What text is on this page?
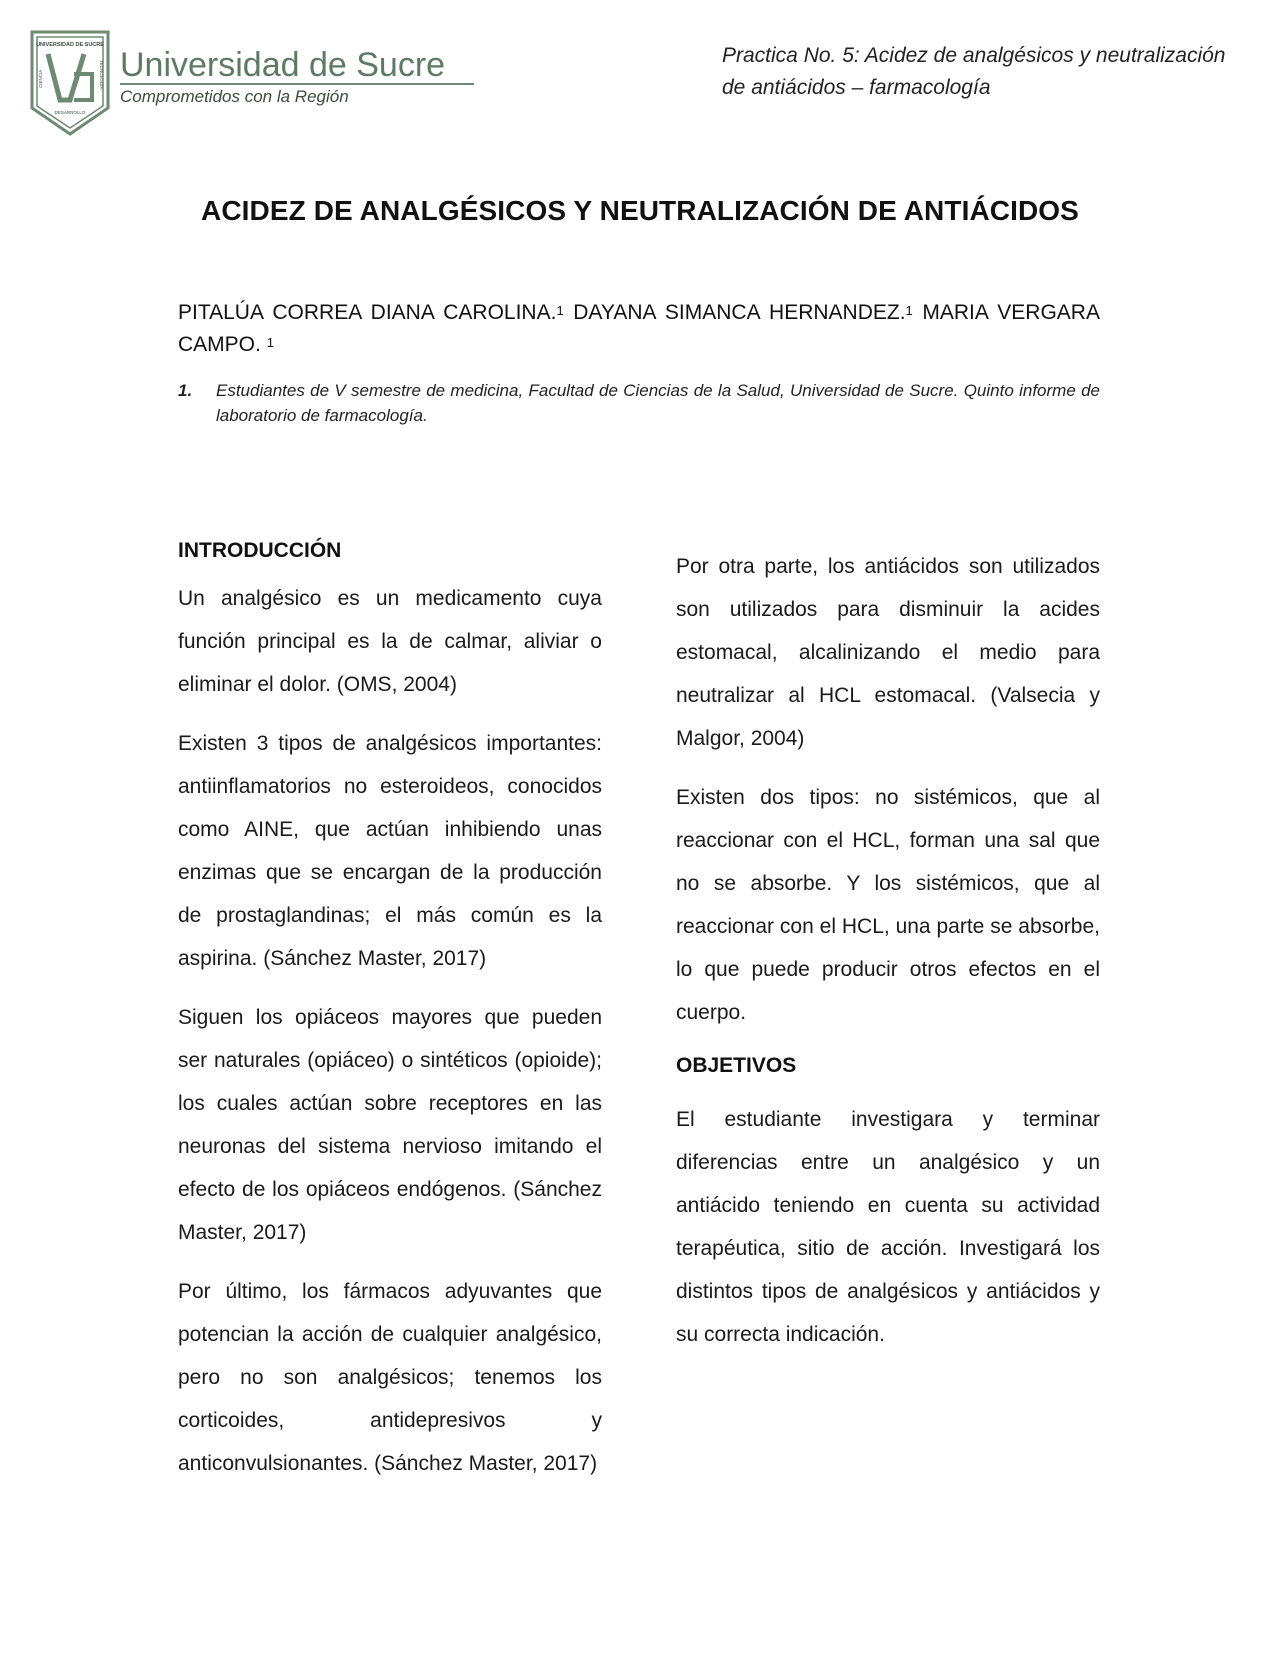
UNIVERSIDAD DE SUCRE
CIENCIA	TECNOLOGÍA
DESARROLLO
Universidad de Sucre
Comprometidos con la Región
Practica No. 5: Acidez de analgésicos y neutralización de antiácidos – farmacología
ACIDEZ DE ANALGÉSICOS Y NEUTRALIZACIÓN DE ANTIÁCIDOS
PITALÚA CORREA DIANA CAROLINA.$^1$ DAYANA SIMANCA HERNANDEZ.$^1$ MARIA VERGARA CAMPO. $^1$
1.	Estudiantes de V semestre de medicina, Facultad de Ciencias de la Salud, Universidad de Sucre. Quinto informe de laboratorio de farmacología.
INTRODUCCIÓN

Un analgésico es un medicamento cuya función principal es la de calmar, aliviar o eliminar el dolor. (OMS, 2004)

Existen 3 tipos de analgésicos importantes: antiinflamatorios no esteroideos, conocidos como AINE, que actúan inhibiendo unas enzimas que se encargan de la producción de prostaglandinas; el más común es la aspirina. (Sánchez Master, 2017)

Siguen los opiáceos mayores que pueden ser naturales (opiáceo) o sintéticos (opioide); los cuales actúan sobre receptores en las neuronas del sistema nervioso imitando el efecto de los opiáceos endógenos. (Sánchez Master, 2017)

Por último, los fármacos adyuvantes que potencian la acción de cualquier analgésico, pero no son analgésicos; tenemos los corticoides, antidepresivos y anticonvulsionantes. (Sánchez Master, 2017)

Por otra parte, los antiácidos son utilizados son utilizados para disminuir la acides estomacal, alcalinizando el medio para neutralizar al HCL estomacal. (Valsecia y Malgor, 2004)

Existen dos tipos: no sistémicos, que al reaccionar con el HCL, forman una sal que no se absorbe. Y los sistémicos, que al reaccionar con el HCL, una parte se absorbe, lo que puede producir otros efectos en el cuerpo.

OBJETIVOS

El estudiante investigara y terminar diferencias entre un analgésico y un antiácido teniendo en cuenta su actividad terapéutica, sitio de acción. Investigará los distintos tipos de analgésicos y antiácidos y su correcta indicación.
